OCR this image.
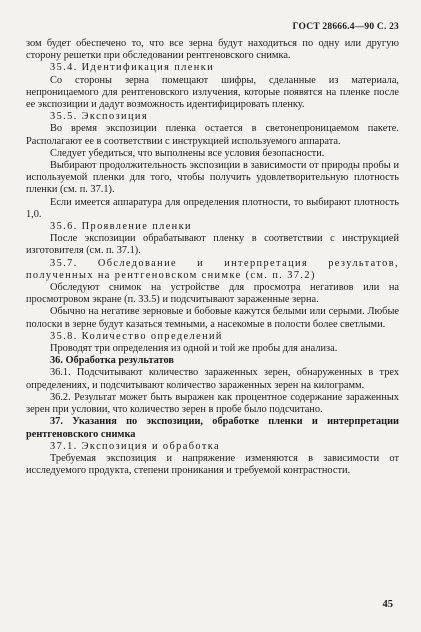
ГОСТ 28666.4—90 С. 23

зом будет обеспечено то, что все зерна будут находиться по одну или другую сторону решетки при обследовании рентгеновского снимка.

35.4. Идентификация пленки

Со стороны зерна помещают шифры, сделанные из материала, непроницаемого для рентгеновского излучения, которые появятся на пленке после ее экспозиции и дадут возможность идентифицировать пленку.

35.5. Экспозиция

Во время экспозиции пленка остается в светонепроницаемом пакете. Располагают ее в соответствии с инструкцией используемого аппарата.

Следует убедиться, что выполнены все условия безопасности.

Выбирают продолжительность экспозиции в зависимости от природы пробы и используемой пленки для того, чтобы получить удовлетворительную плотность пленки (см. п. 37.1).

Если имеется аппаратура для определения плотности, то выбирают плотность 1,0.

35.6. Проявление пленки

После экспозиции обрабатывают пленку в соответствии с инструкцией изготовителя (см. п. 37.1).

35.7. Обследование и интерпретация результатов, полученных на рентгеновском снимке (см. п. 37.2)

Обследуют снимок на устройстве для просмотра негативов или на просмотровом экране (п. 33.5) и подсчитывают зараженные зерна.

Обычно на негативе зерновые и бобовые кажутся белыми или серыми. Любые полоски в зерне будут казаться темными, а насекомые в полости более светлыми.

35.8. Количество определений

Проводят три определения из одной и той же пробы для анализа.

36. Обработка результатов

36.1. Подсчитывают количество зараженных зерен, обнаруженных в трех определениях, и подсчитывают количество зараженных зерен на килограмм.

36.2. Результат может быть выражен как процентное содержание зараженных зерен при условии, что количество зерен в пробе было подсчитано.

37. Указания по экспозиции, обработке пленки и интерпретации рентгеновского снимка

37.1. Экспозиция и обработка

Требуемая экспозиция и напряжение изменяются в зависимости от исследуемого продукта, степени проникания и требуемой контрастности.

45
